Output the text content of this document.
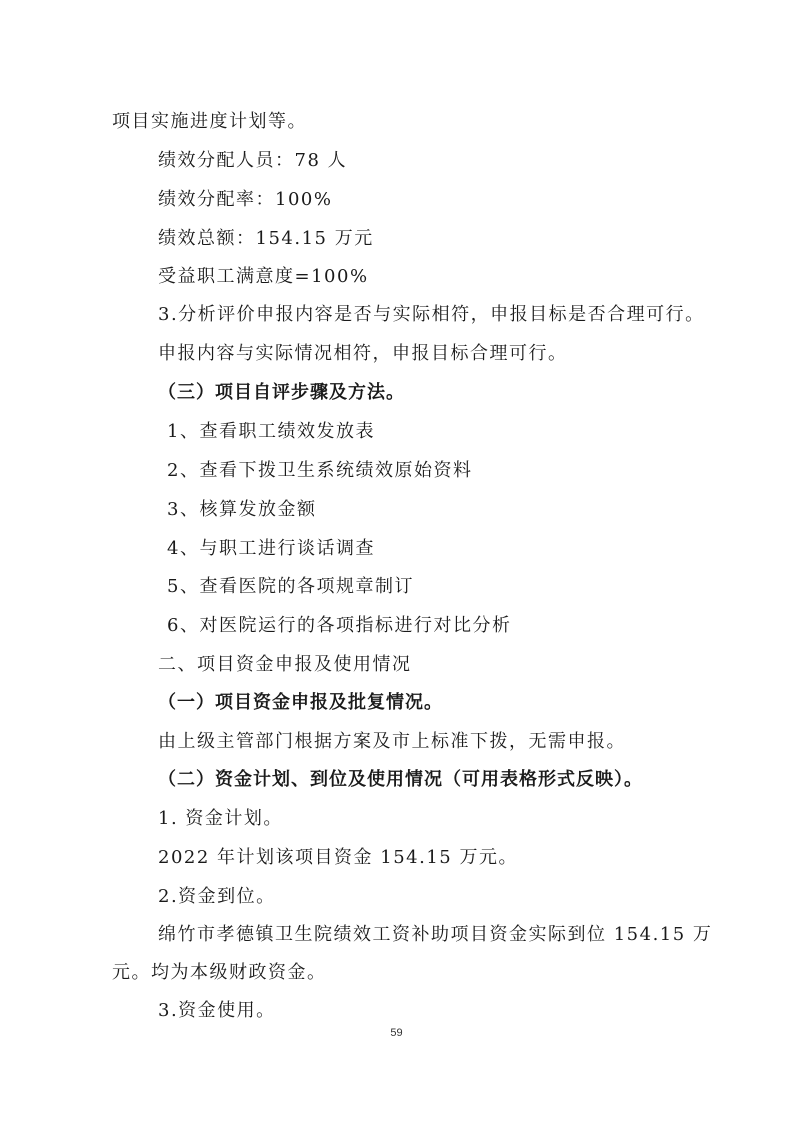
项目实施进度计划等。
绩效分配人员：78 人
绩效分配率：100%
绩效总额：154.15 万元
受益职工满意度=100%
3.分析评价申报内容是否与实际相符，申报目标是否合理可行。
申报内容与实际情况相符，申报目标合理可行。
（三）项目自评步骤及方法。
1、查看职工绩效发放表
2、查看下拨卫生系统绩效原始资料
3、核算发放金额
4、与职工进行谈话调查
5、查看医院的各项规章制订
6、对医院运行的各项指标进行对比分析
二、项目资金申报及使用情况
（一）项目资金申报及批复情况。
由上级主管部门根据方案及市上标准下拨，无需申报。
（二）资金计划、到位及使用情况（可用表格形式反映）。
1. 资金计划。
2022 年计划该项目资金 154.15 万元。
2.资金到位。
绵竹市孝德镇卫生院绩效工资补助项目资金实际到位 154.15 万
元。均为本级财政资金。
3.资金使用。
59
